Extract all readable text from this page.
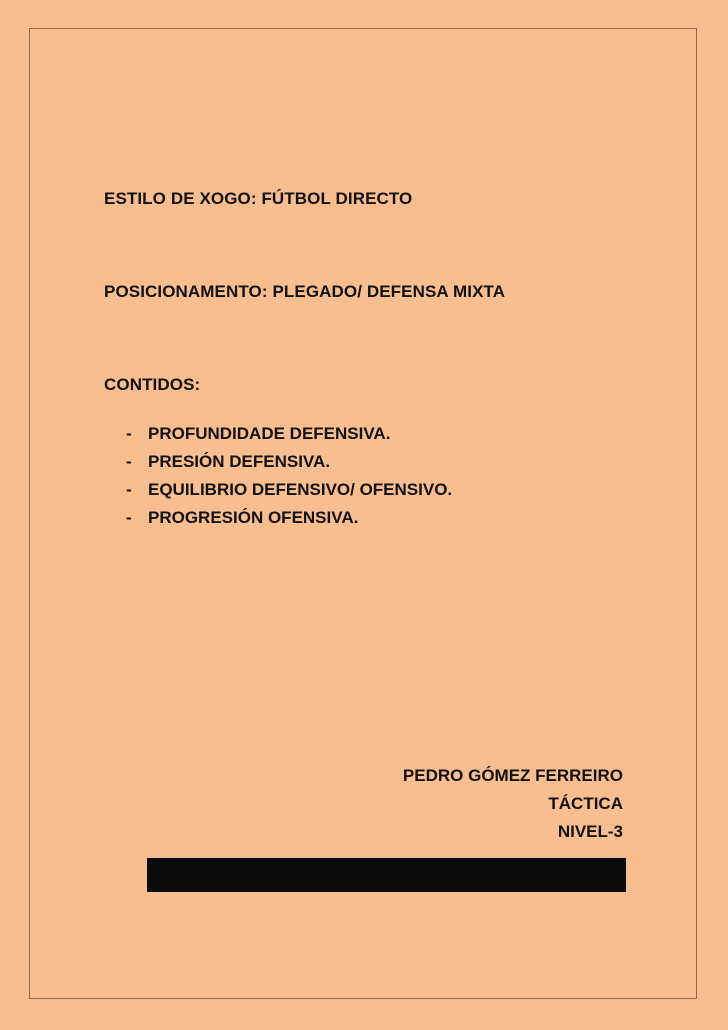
ESTILO DE XOGO: FÚTBOL DIRECTO
POSICIONAMENTO: PLEGADO/ DEFENSA MIXTA
CONTIDOS:
- PROFUNDIDADE DEFENSIVA.
- PRESIÓN DEFENSIVA.
- EQUILIBRIO DEFENSIVO/ OFENSIVO.
- PROGRESIÓN OFENSIVA.
PEDRO GÓMEZ FERREIRO
TÁCTICA
NIVEL-3
